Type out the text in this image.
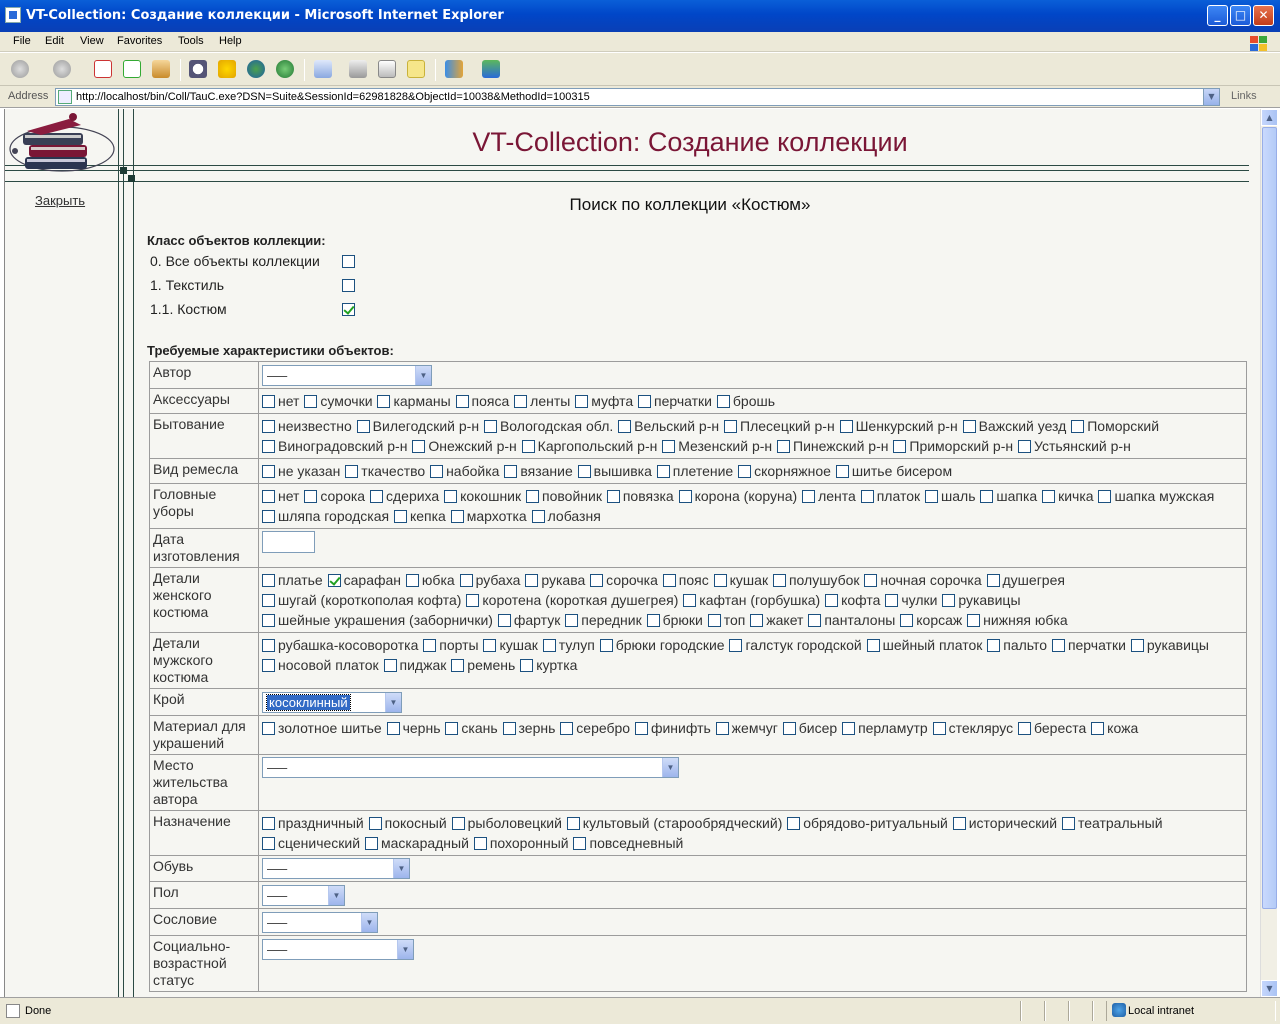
VT-Collection: Создание коллекции - Microsoft Internet Explorer	_	□	✕
File Edit View Favorites Tools Help
Address	http://localhost/bin/Coll/TauC.exe?DSN=Suite&SessionId=62981828&ObjectId=10038&MethodId=100315	▼	Links
Закрыть
VT-Collection: Создание коллекции
Поиск по коллекции «Костюм»
Класс объектов коллекции:
0. Все объекты коллекции
1. Текстиль
1.1. Костюм
Требуемые характеристики объектов:
Автор	—– ▼

Аксессуары	нет сумочки карманы пояса ленты муфта перчатки брошь
Бытование	неизвестно Вилегодский р-н Вологодская обл. Вельский р-н Плесецкий р-н Шенкурский р-н Важский уезд Поморский Виноградовский р-н Онежский р-н Каргопольский р-н Мезенский р-н Пинежский р-н Приморский р-н Устьянский р-н
Вид ремесла	не указан ткачество набойка вязание вышивка плетение скорняжное шитье бисером
Головные уборы	нет сорока сдериха кокошник повойник повязка корона (коруна) лента платок шаль шапка кичка шапка мужская шляпа городская кепка мархотка лобазня
Дата изготовления	
Детали женского костюма	платье сарафан юбка рубаха рукава сорочка пояс кушак полушубок ночная сорочка душегрея шугай (короткополая кофта) коротена (короткая душегрея) кафтан (горбушка) кофта чулки рукавицы шейные украшения (заборнички) фартук передник брюки топ жакет панталоны корсаж нижняя юбка
Детали мужского костюма	рубашка-косоворотка порты кушак тулуп брюки городские галстук городской шейный платок пальто перчатки рукавицы носовой платок пиджак ремень куртка
Крой	косоклинный ▼

Материал для украшений	золотное шитье чернь скань зернь серебро финифть жемчуг бисер перламутр стеклярус береста кожа
Место жительства автора	—– ▼

Назначение	праздничный покосный рыболовецкий культовый (старообрядческий) обрядово-ритуальный исторический театральный сценический маскарадный похоронный повседневный
Обувь	—– ▼

Пол	—– ▼

Сословие	—– ▼

Социально-возрастной статус	—– ▼
▲
▼
Done	Local intranet
